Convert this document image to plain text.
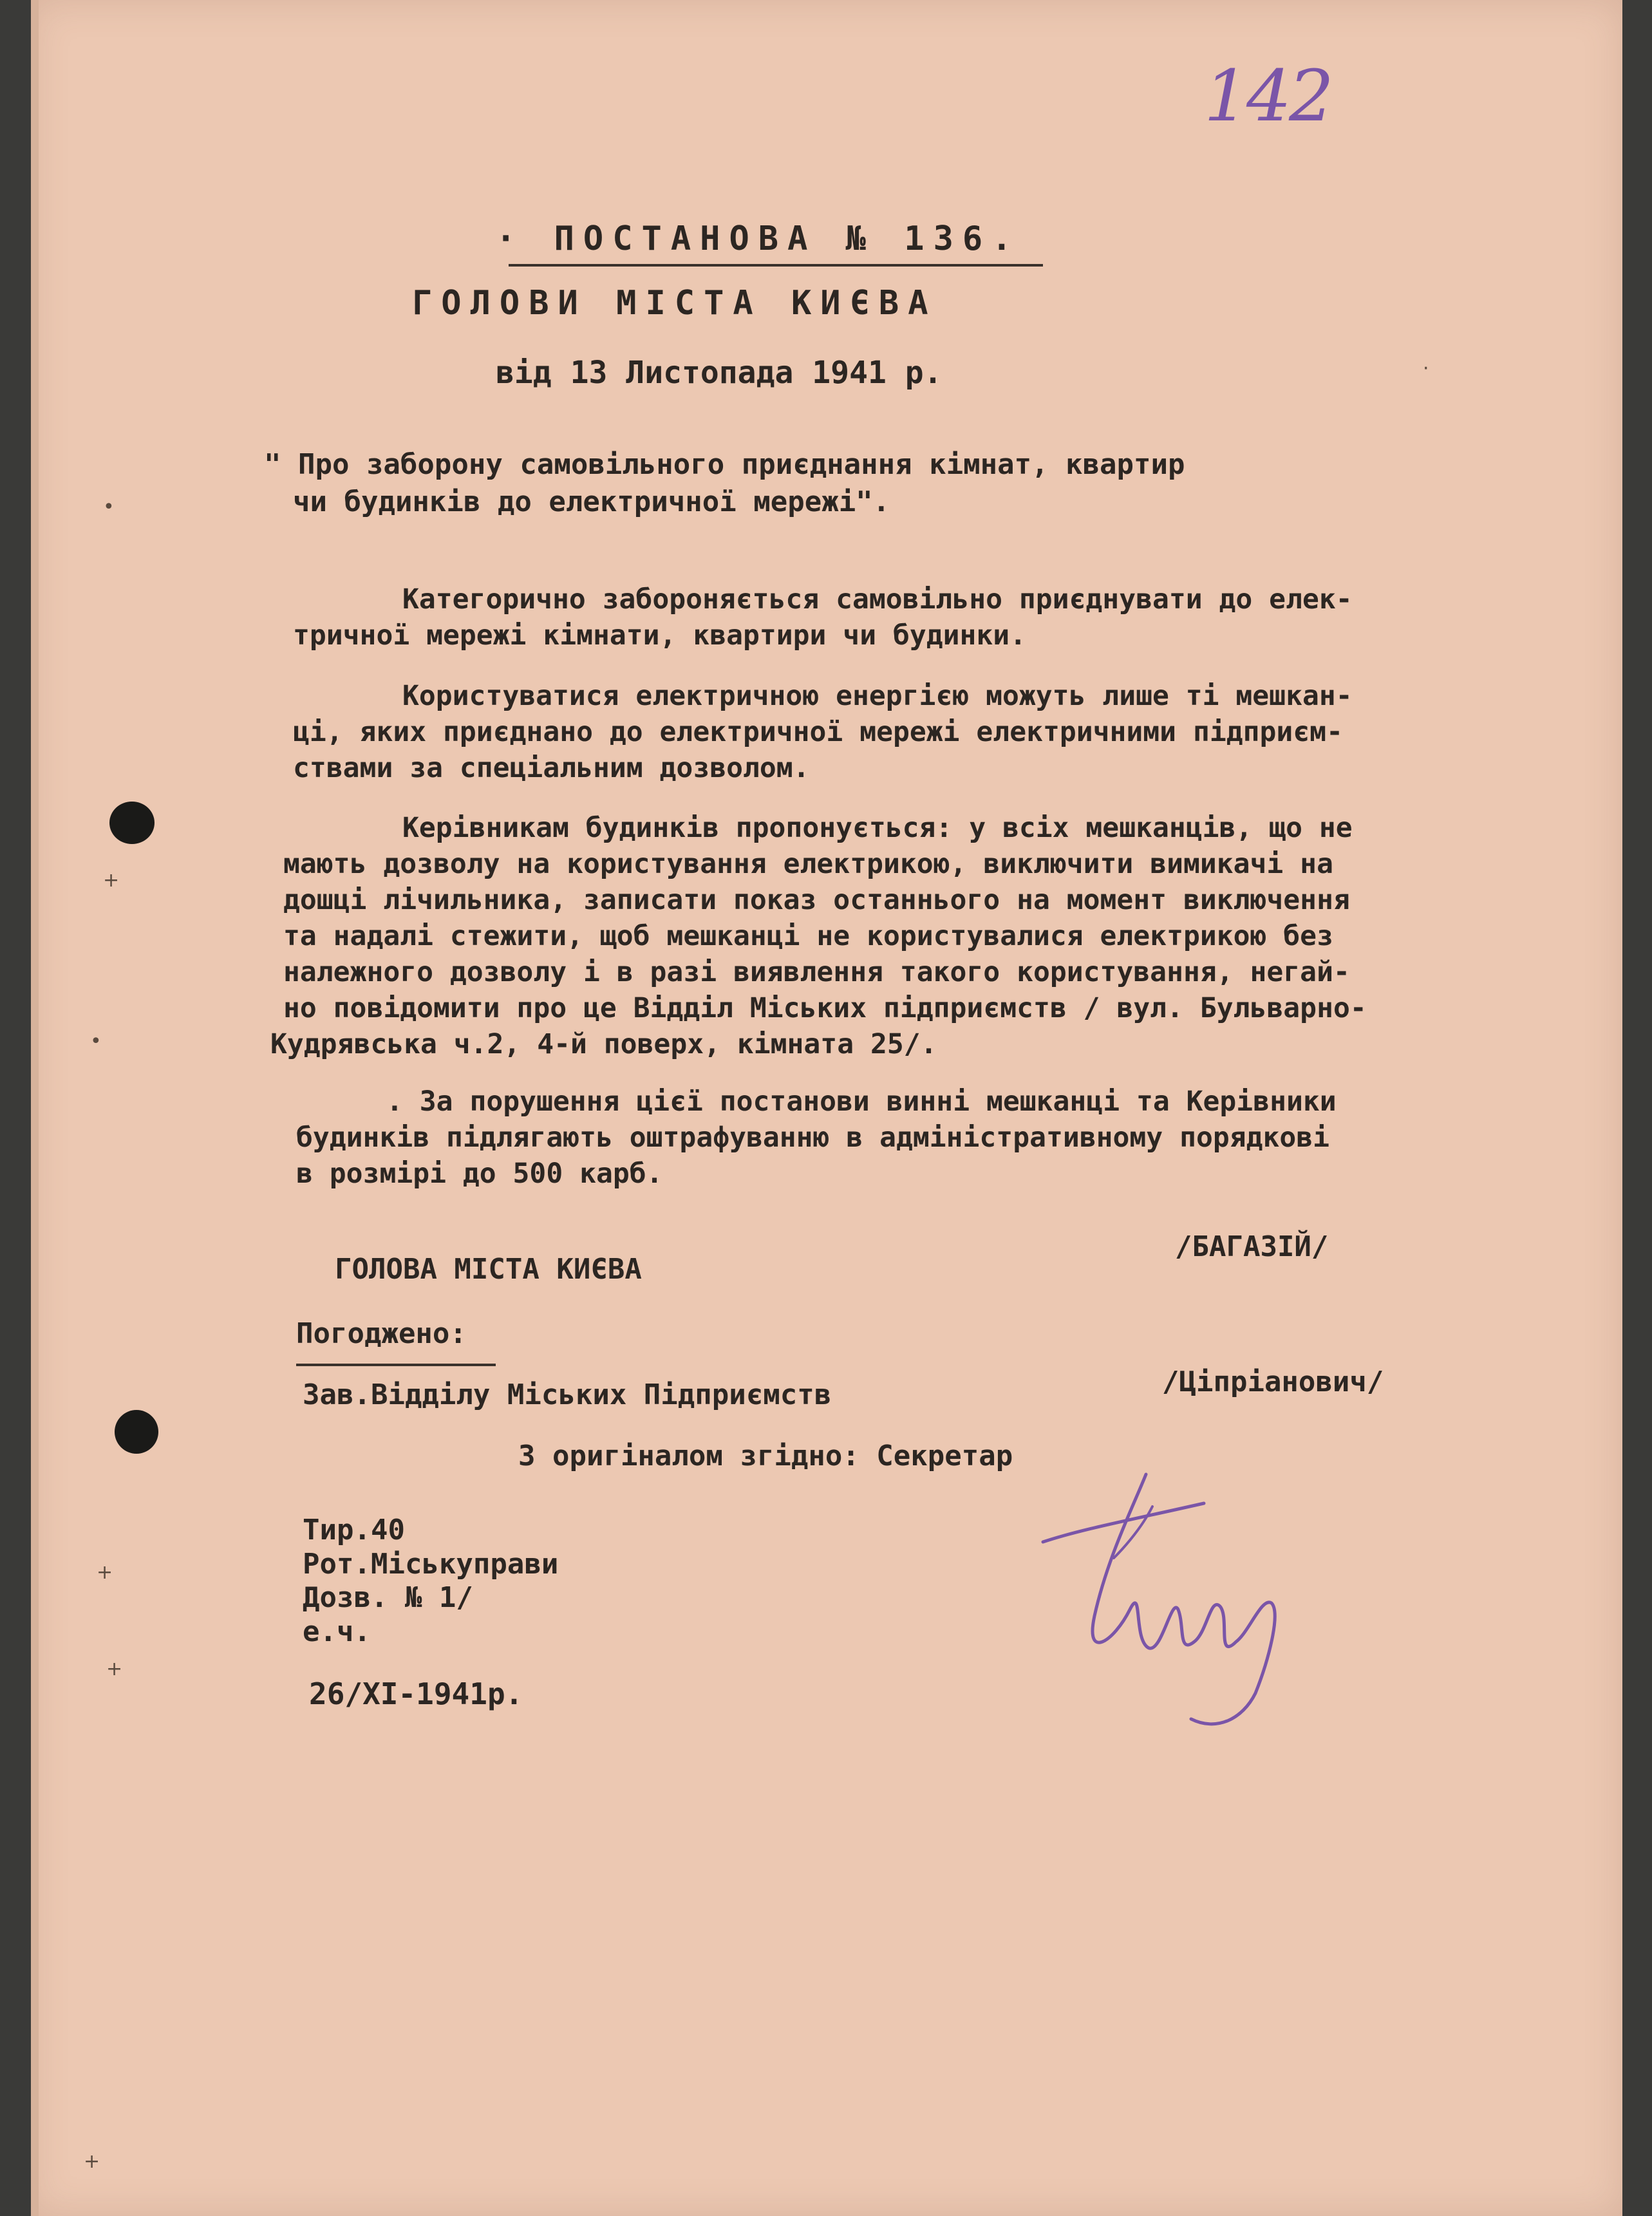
142
· ПОСТАНОВА № 136.
ГОЛОВИ МІСТА КИЄВА
від 13 Листопада 1941 р.
" Про заборону самовільного приєднання кімнат, квартир
чи будинків до електричної мережі".
Категорично забороняється самовільно приєднувати до елек-
тричної мережі кімнати, квартири чи будинки.
Користуватися електричною енергією можуть лише ті мешкан-
ці, яких приєднано до електричної мережі електричними підприєм-
ствами за спеціальним дозволом.
Керівникам будинків пропонується: у всіх мешканців, що не
мають дозволу на користування електрикою, виключити вимикачі на
дошці лічильника, записати показ останнього на момент виключення
та надалі стежити, щоб мешканці не користувалися електрикою без
належного дозволу і в разі виявлення такого користування, негай-
но повідомити про це Відділ Міських підприємств / вул. Бульварно-
Кудрявська ч.2, 4-й поверх, кімната 25/.
. За порушення цієї постанови винні мешканці та Керівники
будинків підлягають оштрафуванню в адміністративному порядкові
в розмірі до 500 карб.
ГОЛОВА МІСТА КИЄВА
/БАГАЗІЙ/
Погоджено:
Зав.Відділу Міських Підприємств	/Ціпріанович/
З оригіналом згідно: Секретар
Тир.40
Рот.Міськуправи
Дозв. № 1/
е.ч.
26/XI-1941р.
•
•
+
+
+
+
·
